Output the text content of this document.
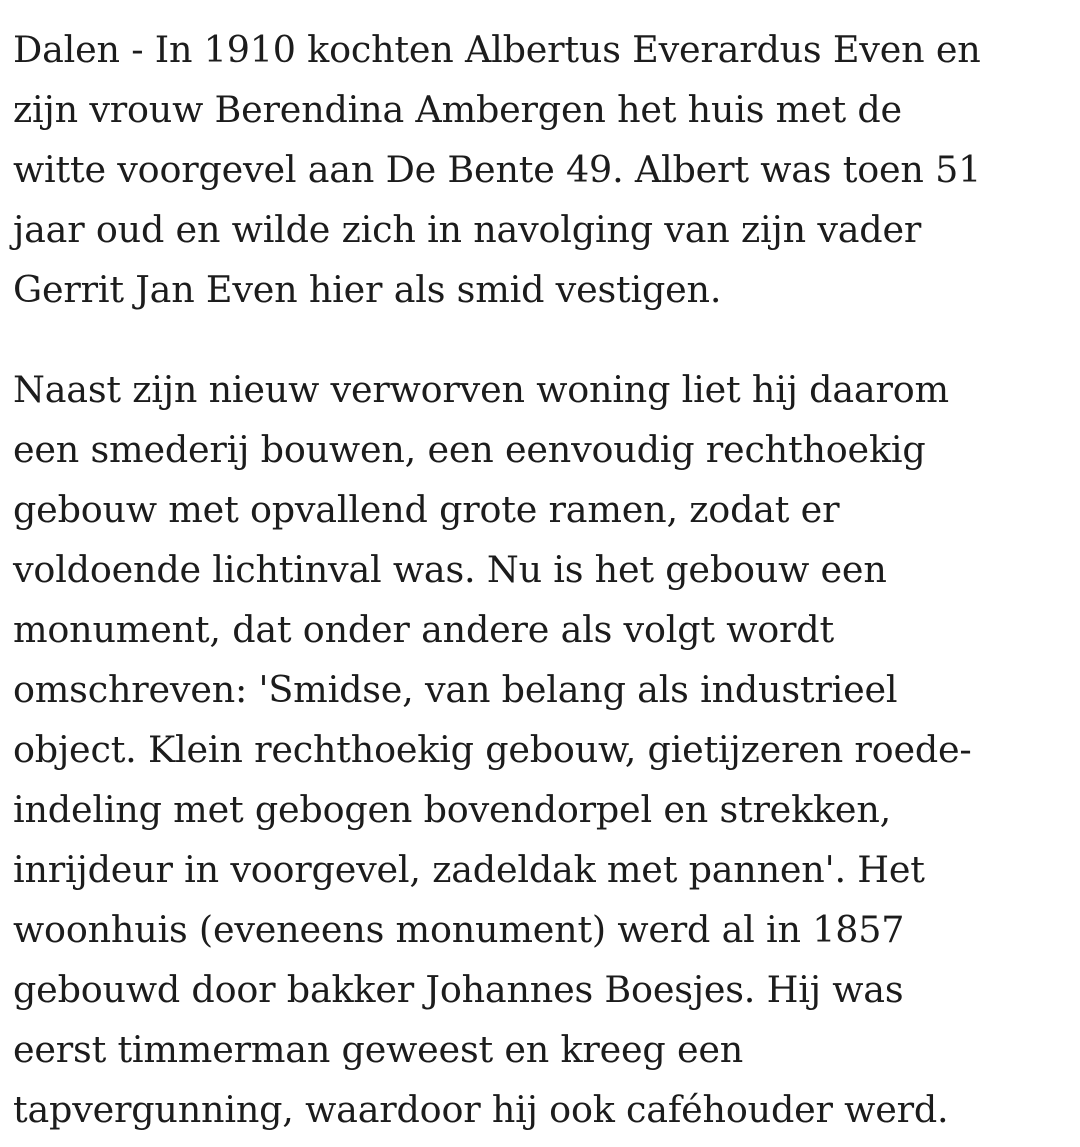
Dalen - In 1910 kochten Albertus Everardus Even en
zijn vrouw Berendina Ambergen het huis met de
witte voorgevel aan De Bente 49. Albert was toen 51
jaar oud en wilde zich in navolging van zijn vader
Gerrit Jan Even hier als smid vestigen.

Naast zijn nieuw verworven woning liet hij daarom
een smederij bouwen, een eenvoudig rechthoekig
gebouw met opvallend grote ramen, zodat er
voldoende lichtinval was. Nu is het gebouw een
monument, dat onder andere als volgt wordt
omschreven: 'Smidse, van belang als industrieel
object. Klein rechthoekig gebouw, gietijzeren roede-
indeling met gebogen bovendorpel en strekken,
inrijdeur in voorgevel, zadeldak met pannen'. Het
woonhuis (eveneens monument) werd al in 1857
gebouwd door bakker Johannes Boesjes. Hij was
eerst timmerman geweest en kreeg een
tapvergunning, waardoor hij ook caféhouder werd.
